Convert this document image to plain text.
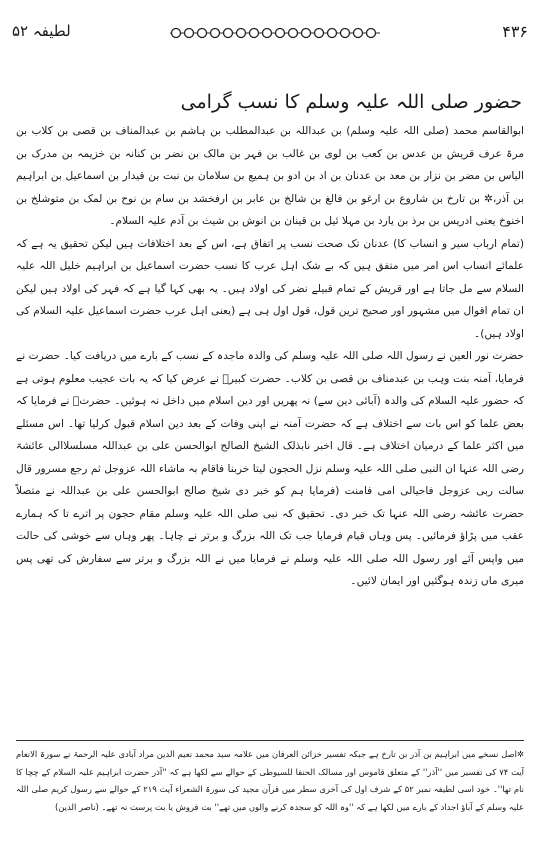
لطیفہ ۵۲	۴۳۶
حضور صلی اللہ علیہ وسلم کا نسب گرامی

ابوالقاسم محمد (صلی اللہ علیہ وسلم) بن عبداللہ بن عبدالمطلب بن ہاشم بن عبدالمناف بن قصی بن کلاب بن مرۃ عرف قریش بن عدس بن کعب بن لوی بن غالب بن فہر بن مالک بن نضر بن کنانہ بن خزیمہ بن مدرک بن الیاس بن مضر بن نزار بن معد بن عدنان بن اد بن ادو بن ہمیع بن سلامان بن نبت بن قیدار بن اسماعیل بن ابراہیم بن آذر،✲ بن تارخ بن شاروع بن ارغو بن فالغ بن شالخ بن عابر بن ارفخشد بن سام بن نوح بن لمک بن متوشلخ بن اخنوخ یعنی ادریس بن برذ بن یارد بن مہلا ئیل بن قینان بن انوش بن شیث بن آدم علیہ السلام۔

(تمام ارباب سیر و انساب کا) عدنان تک صحت نسب پر اتفاق ہے، اس کے بعد اختلافات ہیں لیکن تحقیق یہ ہے کہ علمائے انساب اس امر میں متفق ہیں کہ بے شک اہل عرب کا نسب حضرت اسماعیل بن ابراہیم خلیل اللہ علیہ السلام سے مل جاتا ہے اور قریش کے تمام قبیلے نضر کی اولاد ہیں۔ یہ بھی کہا گیا ہے کہ فہر کی اولاد ہیں لیکن ان تمام اقوال میں مشہور اور صحیح ترین قول، قول اول ہی ہے (یعنی اہل عرب حضرت اسماعیل علیہ السلام کی اولاد ہیں)۔

حضرت نور العین نے رسول اللہ صلی اللہ علیہ وسلم کی والدہ ماجدہ کے نسب کے بارے میں دریافت کیا۔ حضرت نے فرمایا، آمنہ بنت وہب بن عبدمناف بن قصی بن کلاب۔ حضرت کبیرؒ نے عرض کیا کہ یہ بات عجیب معلوم ہوتی ہے کہ حضور علیہ السلام کی والدہ (آبائی دین سے) نہ پھریں اور دین اسلام میں داخل نہ ہوئیں۔ حضرتؒ نے فرمایا کہ بعض علما کو اس بات سے اختلاف ہے کہ حضرت آمنہ نے اپنی وفات کے بعد دین اسلام قبول کرلیا تھا۔ اس مسئلے میں اکثر علما کے درمیان اختلاف ہے۔ قال اخبر نابذلک الشیخ الصالح ابوالحسن علی بن عبداللہ مسلسلاالی عائشۃ رضی اللہ عنہا ان النبی صلی اللہ علیہ وسلم نزل الحجون لیتا خربنا فاقام بہ ماشاء اللہ عزوجل ثم رجع مسرور قال سالت ربی عزوجل فاحیالی امی فامنت (فرمایا ہم کو خبر دی شیخ صالح ابوالحسن علی بن عبداللہ نے متصلاً حضرت عائشہ رضی اللہ عنہا تک خبر دی۔ تحقیق کہ نبی صلی اللہ علیہ وسلم مقام حجون پر اترے تا کہ ہمارے عقب میں پڑاؤ فرمائیں۔ پس وہاں قیام فرمایا جب تک اللہ بزرگ و برتر نے چاہا۔ پھر وہاں سے خوشی کی حالت میں واپس آئے اور رسول اللہ صلی اللہ علیہ وسلم نے فرمایا میں نے اللہ بزرگ و برتر سے سفارش کی تھی پس میری ماں زندہ ہوگئیں اور ایمان لائیں۔

✲اصل نسخے میں ابراہیم بن آذر بن تارخ ہے جبکہ تفسیر خزائن العرفان میں علامہ سید محمد نعیم الدین مراد آبادی علیہ الرحمۃ نے سورۃ الانعام آیت ۷۴ کی تفسیر میں ''آذر'' کے متعلق قاموس اور مسالک الحنفا للسیوطی کے حوالے سے لکھا ہے کہ ''آذر حضرت ابراہیم علیہ السلام کے چچا کا نام تھا''۔ خود اسی لطیفہ نمبر ۵۲ کے شرف اول کی آخری سطر میں قرآن مجید کی سورۃ الشعراء آیت ۲۱۹ کے حوالے سے رسول کریم صلی اللہ علیہ وسلم کے آباؤ اجداد کے بارے میں لکھا ہے کہ ''وہ اللہ کو سجدہ کرنے والوں میں تھے'' بت فروش یا بت پرست نہ تھے۔ (ناصر الدین)
